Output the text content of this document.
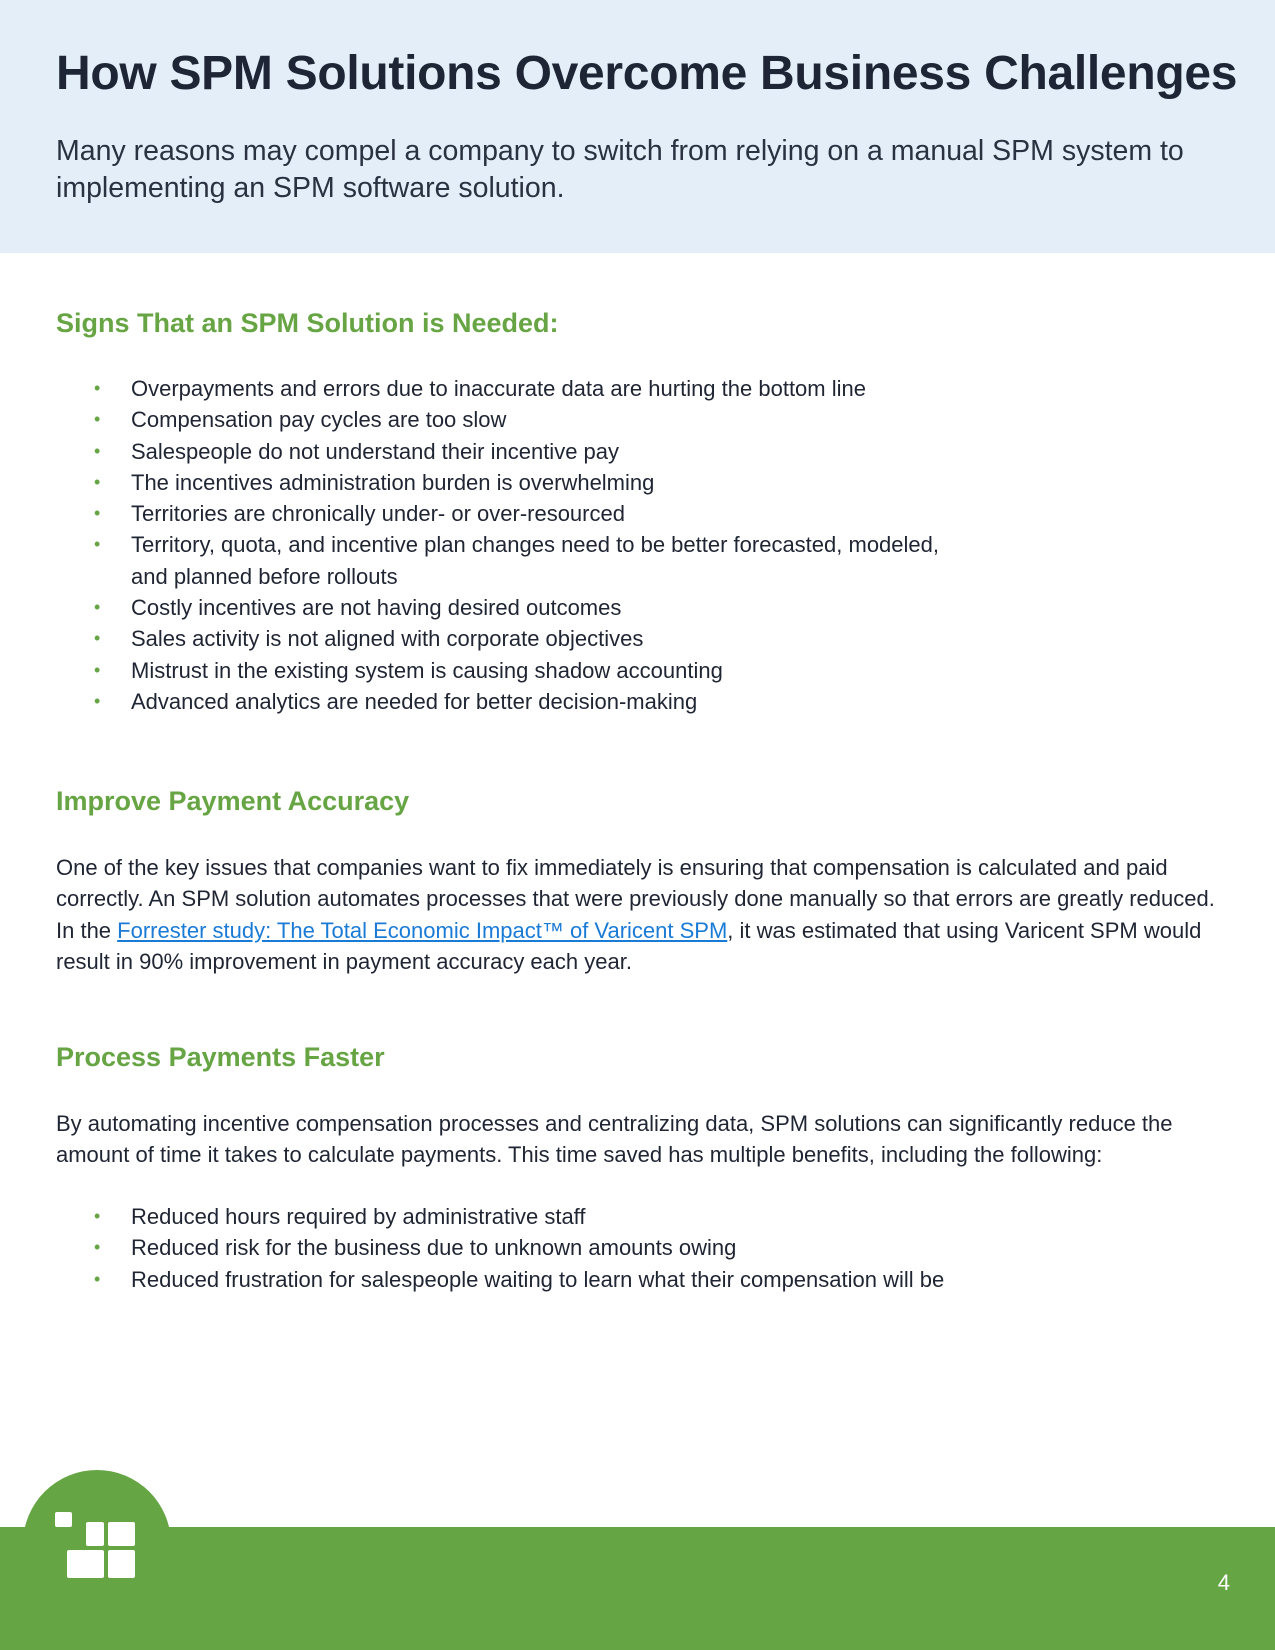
How SPM Solutions Overcome Business Challenges

Many reasons may compel a company to switch from relying on a manual SPM system to implementing an SPM software solution.

Signs That an SPM Solution is Needed:
• Overpayments and errors due to inaccurate data are hurting the bottom line
• Compensation pay cycles are too slow
• Salespeople do not understand their incentive pay
• The incentives administration burden is overwhelming
• Territories are chronically under- or over-resourced
• Territory, quota, and incentive plan changes need to be better forecasted, modeled, and planned before rollouts
• Costly incentives are not having desired outcomes
• Sales activity is not aligned with corporate objectives
• Mistrust in the existing system is causing shadow accounting
• Advanced analytics are needed for better decision-making
Improve Payment Accuracy

One of the key issues that companies want to fix immediately is ensuring that compensation is calculated and paid correctly. An SPM solution automates processes that were previously done manually so that errors are greatly reduced. In the Forrester study: The Total Economic Impact™ of Varicent SPM, it was estimated that using Varicent SPM would result in 90% improvement in payment accuracy each year.

Process Payments Faster

By automating incentive compensation processes and centralizing data, SPM solutions can significantly reduce the amount of time it takes to calculate payments. This time saved has multiple benefits, including the following:

• Reduced hours required by administrative staff
• Reduced risk for the business due to unknown amounts owing
• Reduced frustration for salespeople waiting to learn what their compensation will be
4
